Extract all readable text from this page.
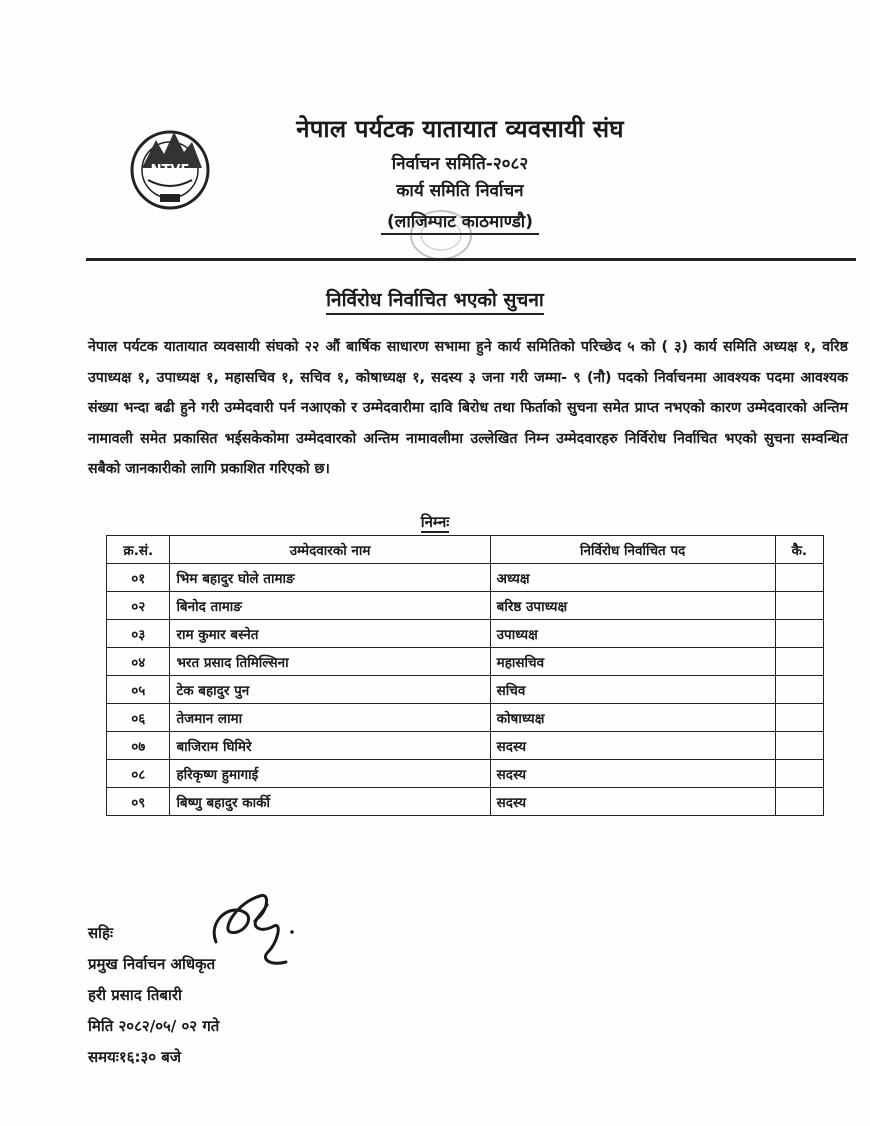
NTVE
नेपाल पर्यटक यातायात व्यवसायी संघ
निर्वाचन समिति-२०८२
कार्य समिति निर्वाचन
(लाजिम्पाट काठमाण्डौ)
निर्विरोध निर्वाचित भएको सुचना
नेपाल पर्यटक यातायात व्यवसायी संघको २२ औं बार्षिक साधारण सभामा हुने कार्य समितिको परिच्छेद ५ को ( ३) कार्य समिति अध्यक्ष १, वरिष्ठ उपाध्यक्ष १, उपाध्यक्ष १, महासचिव १, सचिव १, कोषाध्यक्ष १, सदस्य ३ जना गरी जम्मा- ९ (नौ) पदको निर्वाचनमा आवश्यक पदमा आवश्यक संख्या भन्दा बढी हुने गरी उम्मेदवारी पर्न नआएको र उम्मेदवारीमा दावि बिरोध तथा फिर्ताको सुचना समेत प्राप्त नभएको कारण उम्मेदवारको अन्तिम नामावली समेत प्रकासित भईसकेकोमा उम्मेदवारको अन्तिम नामावलीमा उल्लेखित निम्न उम्मेदवारहरु निर्विरोध निर्वाचित भएको सुचना सम्वन्धित सबैको जानकारीको लागि प्रकाशित गरिएको छ।
निम्नः
क्र.सं.	उम्मेदवारको नाम	निर्विरोध निर्वाचित पद	कै.
०१	भिम बहादुर घोले तामाङ	अध्यक्ष	
०२	बिनोद तामाङ	बरिष्ठ उपाध्यक्ष	
०३	राम कुमार बस्नेत	उपाध्यक्ष	
०४	भरत प्रसाद तिमिल्सिना	महासचिव	
०५	टेक बहादुर पुन	सचिव	
०६	तेजमान लामा	कोषाध्यक्ष	
०७	बाजिराम घिमिरे	सदस्य	
०८	हरिकृष्ण हुमागाई	सदस्य	
०९	बिष्णु बहादुर कार्की	सदस्य	
सहिः
प्रमुख निर्वाचन अधिकृत
हरी प्रसाद तिबारी
मिति २०८२/०५/ ०२ गते
समयः१६:३० बजे
